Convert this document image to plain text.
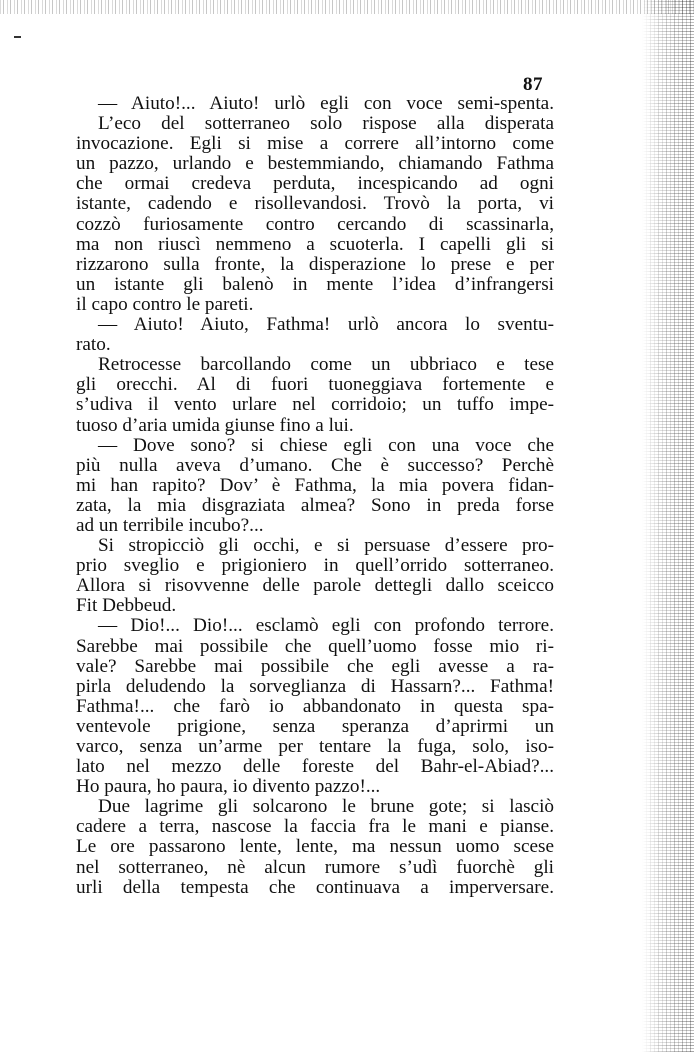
87
— Aiuto!... Aiuto! urlò egli con voce semi-spenta.
L’eco del sotterraneo solo rispose alla disperata
invocazione. Egli si mise a correre all’intorno come
un pazzo, urlando e bestemmiando, chiamando Fathma
che ormai credeva perduta, incespicando ad ogni
istante, cadendo e risollevandosi. Trovò la porta, vi
cozzò furiosamente contro cercando di scassinarla,
ma non riuscì nemmeno a scuoterla. I capelli gli si
rizzarono sulla fronte, la disperazione lo prese e per
un istante gli balenò in mente l’idea d’infrangersi
il capo contro le pareti.
— Aiuto! Aiuto, Fathma! urlò ancora lo sventu-
rato.
Retrocesse barcollando come un ubbriaco e tese
gli orecchi. Al di fuori tuoneggiava fortemente e
s’udiva il vento urlare nel corridoio; un tuffo impe-
tuoso d’aria umida giunse fino a lui.
— Dove sono? si chiese egli con una voce che
più nulla aveva d’umano. Che è successo? Perchè
mi han rapito? Dov’ è Fathma, la mia povera fidan-
zata, la mia disgraziata almea? Sono in preda forse
ad un terribile incubo?...
Si stropicciò gli occhi, e si persuase d’essere pro-
prio sveglio e prigioniero in quell’orrido sotterraneo.
Allora si risovvenne delle parole dettegli dallo sceicco
Fit Debbeud.
— Dio!... Dio!... esclamò egli con profondo terrore.
Sarebbe mai possibile che quell’uomo fosse mio ri-
vale? Sarebbe mai possibile che egli avesse a ra-
pirla deludendo la sorveglianza di Hassarn?... Fathma!
Fathma!... che farò io abbandonato in questa spa-
ventevole prigione, senza speranza d’aprirmi un
varco, senza un’arme per tentare la fuga, solo, iso-
lato nel mezzo delle foreste del Bahr-el-Abiad?...
Ho paura, ho paura, io divento pazzo!...
Due lagrime gli solcarono le brune gote; si lasciò
cadere a terra, nascose la faccia fra le mani e pianse.
Le ore passarono lente, lente, ma nessun uomo scese
nel sotterraneo, nè alcun rumore s’udì fuorchè gli
urli della tempesta che continuava a imperversare.
